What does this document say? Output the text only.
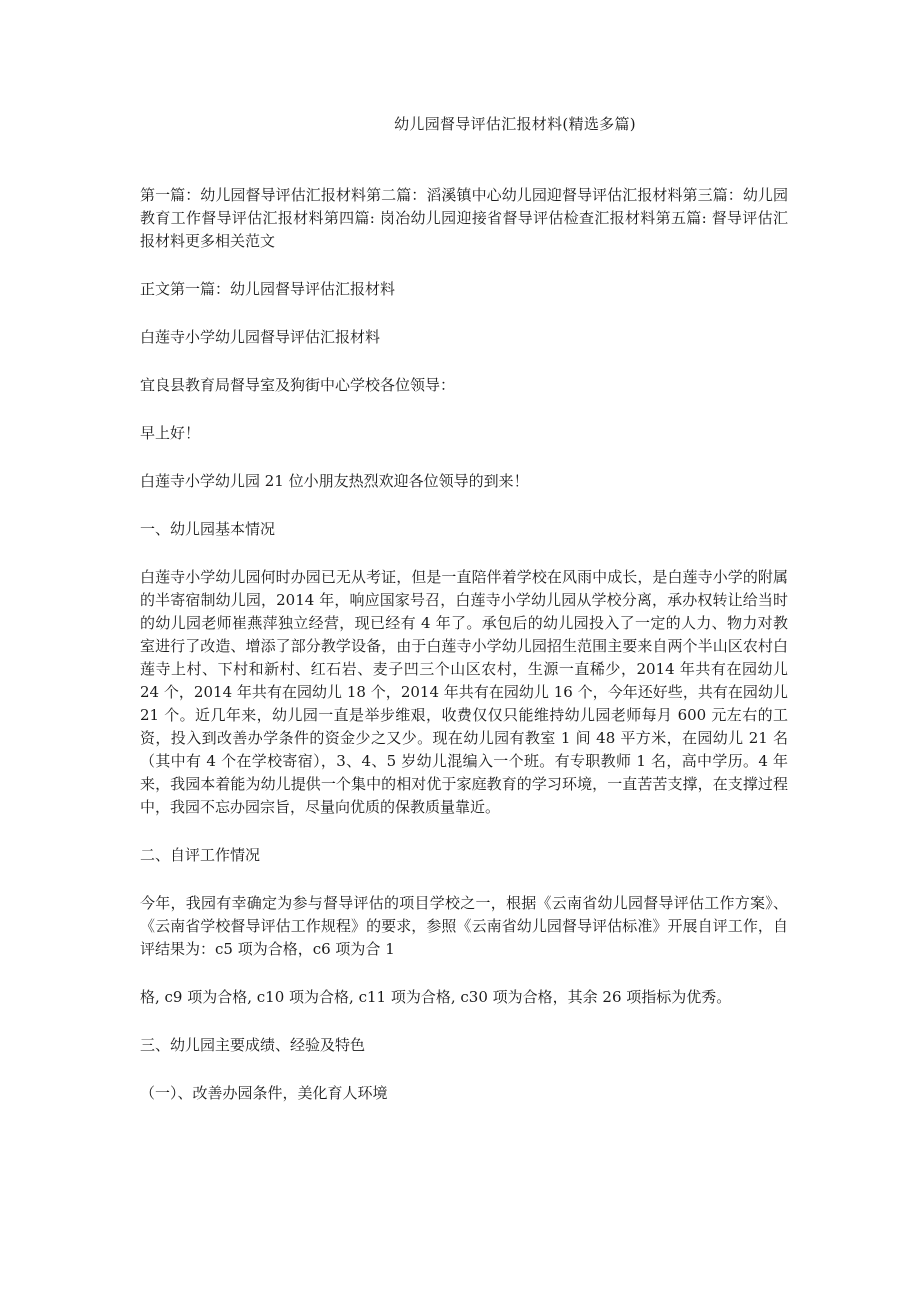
幼儿园督导评估汇报材料(精选多篇)

第一篇：幼儿园督导评估汇报材料第二篇：滔溪镇中心幼儿园迎督导评估汇报材料第三篇：幼儿园教育工作督导评估汇报材料第四篇: 岗冶幼儿园迎接省督导评估检查汇报材料第五篇: 督导评估汇报材料更多相关范文

正文第一篇：幼儿园督导评估汇报材料

白莲寺小学幼儿园督导评估汇报材料

宜良县教育局督导室及狗街中心学校各位领导：

早上好！

白莲寺小学幼儿园 21 位小朋友热烈欢迎各位领导的到来！

一、幼儿园基本情况

白莲寺小学幼儿园何时办园已无从考证，但是一直陪伴着学校在风雨中成长，是白莲寺小学的附属的半寄宿制幼儿园，2014 年，响应国家号召，白莲寺小学幼儿园从学校分离，承办权转让给当时的幼儿园老师崔燕萍独立经营，现已经有 4 年了。承包后的幼儿园投入了一定的人力、物力对教室进行了改造、增添了部分教学设备，由于白莲寺小学幼儿园招生范围主要来自两个半山区农村白莲寺上村、下村和新村、红石岩、麦子凹三个山区农村，生源一直稀少，2014 年共有在园幼儿 24 个，2014 年共有在园幼儿 18 个，2014 年共有在园幼儿 16 个，今年还好些，共有在园幼儿 21 个。近几年来，幼儿园一直是举步维艰，收费仅仅只能维持幼儿园老师每月 600 元左右的工资，投入到改善办学条件的资金少之又少。现在幼儿园有教室 1 间 48 平方米，在园幼儿 21 名（其中有 4 个在学校寄宿），3、4、5 岁幼儿混编入一个班。有专职教师 1 名，高中学历。4 年来，我园本着能为幼儿提供一个集中的相对优于家庭教育的学习环境，一直苦苦支撑，在支撑过程中，我园不忘办园宗旨，尽量向优质的保教质量靠近。

二、自评工作情况

今年，我园有幸确定为参与督导评估的项目学校之一，根据《云南省幼儿园督导评估工作方案》、《云南省学校督导评估工作规程》的要求，参照《云南省幼儿园督导评估标准》开展自评工作，自评结果为：c5 项为合格，c6 项为合 1

格, c9 项为合格, c10 项为合格, c11 项为合格, c30 项为合格，其余 26 项指标为优秀。

三、幼儿园主要成绩、经验及特色

（一）、改善办园条件，美化育人环境
